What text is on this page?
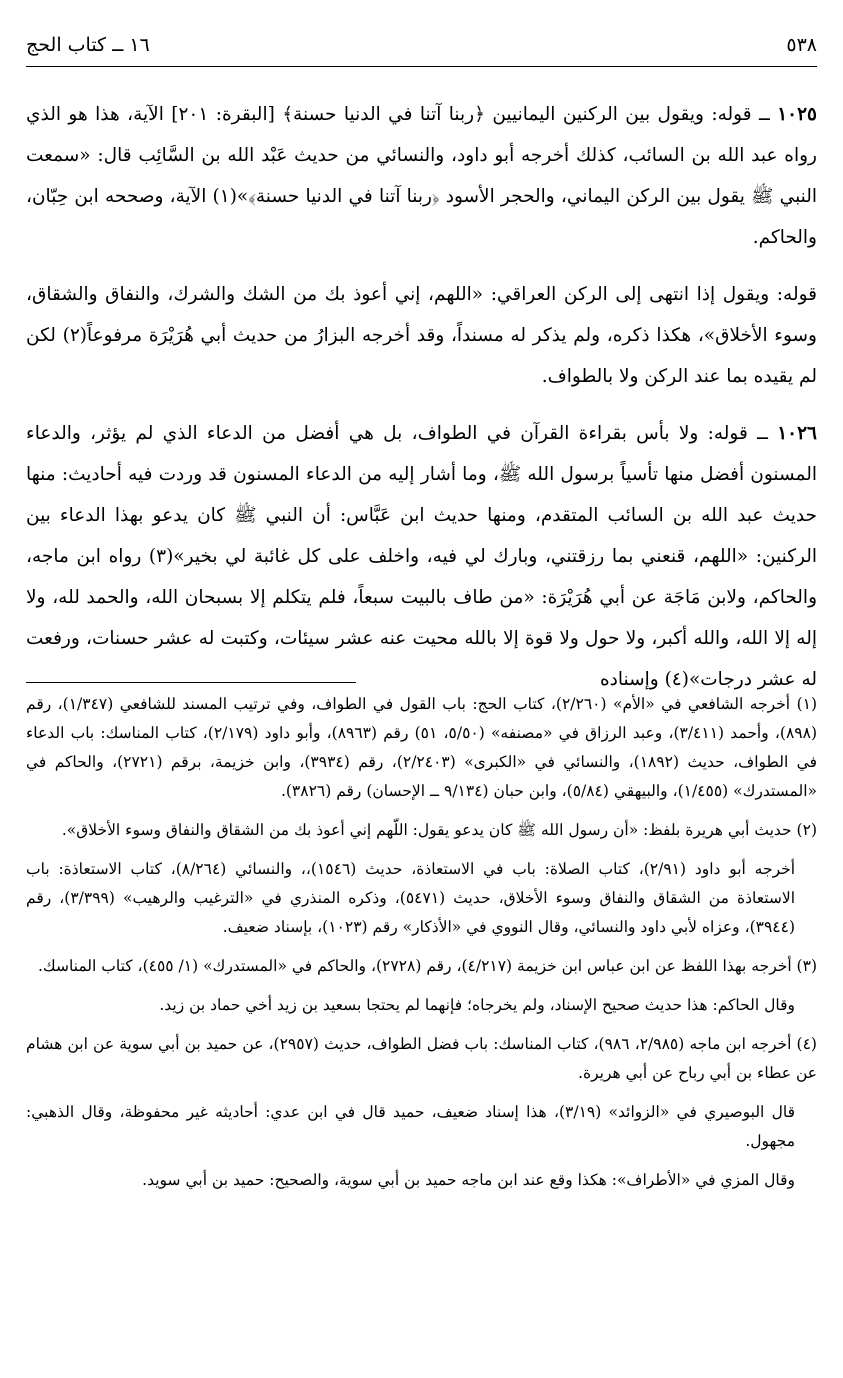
٥٣٨
١٦ ــ كتاب الحج

١٠٢٥ ــ قوله: ويقول بين الركنين اليمانيين ﴿ربنا آتنا في الدنيا حسنة﴾ [البقرة: ٢٠١] الآية، هذا هو الذي رواه عبد الله بن السائب، كذلك أخرجه أبو داود، والنسائي من حديث عَبْد الله بن السَّائِب قال: «سمعت النبي ﷺ يقول بين الركن اليماني، والحجر الأسود ﴿ربنا آتنا في الدنيا حسنة﴾»(١) الآية، وصححه ابن حِبّان، والحاكم.

قوله: ويقول إذا انتهى إلى الركن العراقي: «اللهم، إني أعوذ بك من الشك والشرك، والنفاق والشقاق، وسوء الأخلاق»، هكذا ذكره، ولم يذكر له مسنداً، وقد أخرجه البزارُ من حديث أبي هُرَيْرَة مرفوعاً(٢) لكن لم يقيده بما عند الركن ولا بالطواف.

١٠٢٦ ــ قوله: ولا بأس بقراءة القرآن في الطواف، بل هي أفضل من الدعاء الذي لم يؤثر، والدعاء المسنون أفضل منها تأسياً برسول الله ﷺ، وما أشار إليه من الدعاء المسنون قد وردت فيه أحاديث: منها حديث عبد الله بن السائب المتقدم، ومنها حديث ابن عَبَّاس: أن النبي ﷺ كان يدعو بهذا الدعاء بين الركنين: «اللهم، قنعني بما رزقتني، وبارك لي فيه، واخلف على كل غائبة لي بخير»(٣) رواه ابن ماجه، والحاكم، ولابن مَاجَة عن أبي هُرَيْرَة: «من طاف بالبيت سبعاً، فلم يتكلم إلا بسبحان الله، والحمد لله، ولا إله إلا الله، والله أكبر، ولا حول ولا قوة إلا بالله محيت عنه عشر سيئات، وكتبت له عشر حسنات، ورفعت له عشر درجات»(٤) وإسناده

(١) أخرجه الشافعي في «الأم» (٢/٢٦٠)، كتاب الحج: باب القول في الطواف، وفي ترتيب المسند للشافعي (١/٣٤٧)، رقم (٨٩٨)، وأحمد (٣/٤١١)، وعبد الرزاق في «مصنفه» (٥/٥٠، ٥١) رقم (٨٩٦٣)، وأبو داود (٢/١٧٩)، كتاب المناسك: باب الدعاء في الطواف، حديث (١٨٩٢)، والنسائي في «الكبرى» (٢/٢٤٠٣)، رقم (٣٩٣٤)، وابن خزيمة، برقم (٢٧٢١)، والحاكم في «المستدرك» (١/٤٥٥)، والبيهقي (٥/٨٤)، وابن حبان (٩/١٣٤ ــ الإحسان) رقم (٣٨٢٦).

(٢) حديث أبي هريرة بلفظ: «أن رسول الله ﷺ كان يدعو يقول: اللّهم إني أعوذ بك من الشقاق والنفاق وسوء الأخلاق».

أخرجه أبو داود (٢/٩١)، كتاب الصلاة: باب في الاستعاذة، حديث (١٥٤٦)،، والنسائي (٨/٢٦٤)، كتاب الاستعاذة: باب الاستعاذة من الشقاق والنفاق وسوء الأخلاق، حديث (٥٤٧١)، وذكره المنذري في «الترغيب والرهيب» (٣/٣٩٩)، رقم (٣٩٤٤)، وعزاه لأبي داود والنسائي، وقال النووي في «الأذكار» رقم (١٠٢٣)، بإسناد ضعيف.

(٣) أخرجه بهذا اللفظ عن ابن عباس ابن خزيمة (٤/٢١٧)، رقم (٢٧٢٨)، والحاكم في «المستدرك» (١/ ٤٥٥)، كتاب المناسك.

وقال الحاكم: هذا حديث صحيح الإسناد، ولم يخرجاه؛ فإنهما لم يحتجا بسعيد بن زيد أخي حماد بن زيد.

(٤) أخرجه ابن ماجه (٢/٩٨٥، ٩٨٦)، كتاب المناسك: باب فضل الطواف، حديث (٢٩٥٧)، عن حميد بن أبي سوية عن ابن هشام عن عطاء بن أبي رباح عن أبي هريرة.

قال البوصيري في «الزوائد» (٣/١٩)، هذا إسناد ضعيف، حميد قال في ابن عدي: أحاديثه غير محفوظة، وقال الذهبي: مجهول.

وقال المزي في «الأطراف»: هكذا وقع عند ابن ماجه حميد بن أبي سوية، والصحيح: حميد بن أبي سويد.
